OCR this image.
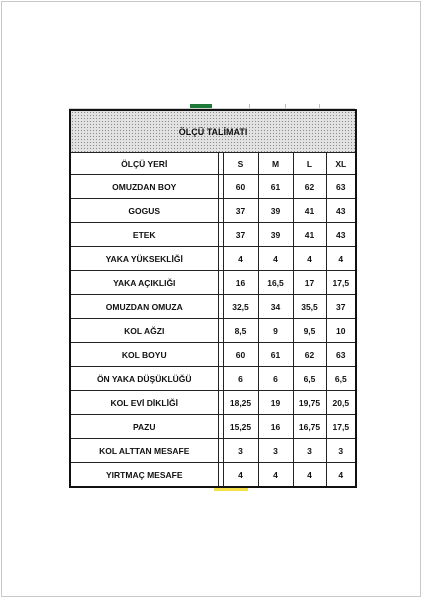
ÖLÇÜ TALİMATI					
ÖLÇÜ YERİ		S	M	L	XL
OMUZDAN BOY		60	61	62	63
GOGUS		37	39	41	43
ETEK		37	39	41	43
YAKA YÜKSEKLİĞİ		4	4	4	4
YAKA AÇIKLIĞI		16	16,5	17	17,5
OMUZDAN OMUZA		32,5	34	35,5	37
KOL AĞZI		8,5	9	9,5	10
KOL BOYU		60	61	62	63
ÖN YAKA DÜŞÜKLÜĞÜ		6	6	6,5	6,5
KOL EVİ DİKLİĞİ		18,25	19	19,75	20,5
PAZU		15,25	16	16,75	17,5
KOL ALTTAN MESAFE		3	3	3	3
YIRTMAÇ MESAFE		4	4	4	4
